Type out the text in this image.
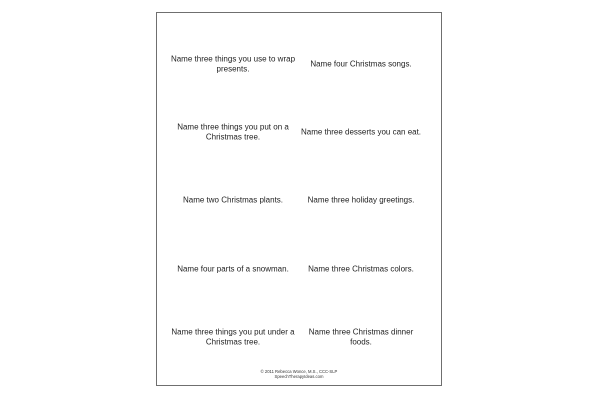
Name three things you use to wrap presents.
Name four Christmas songs.
Name three things you put on a Christmas tree.
Name three desserts you can eat.
Name two Christmas plants.	Name three holiday greetings.
Name four parts of a snowman.	Name three Christmas colors.
Name three things you put under a Christmas tree.
Name three Christmas dinner foods.
© 2011 Rebecca Wonce, M.S., CCC-SLP
SpeechTherapyIdeas.com
